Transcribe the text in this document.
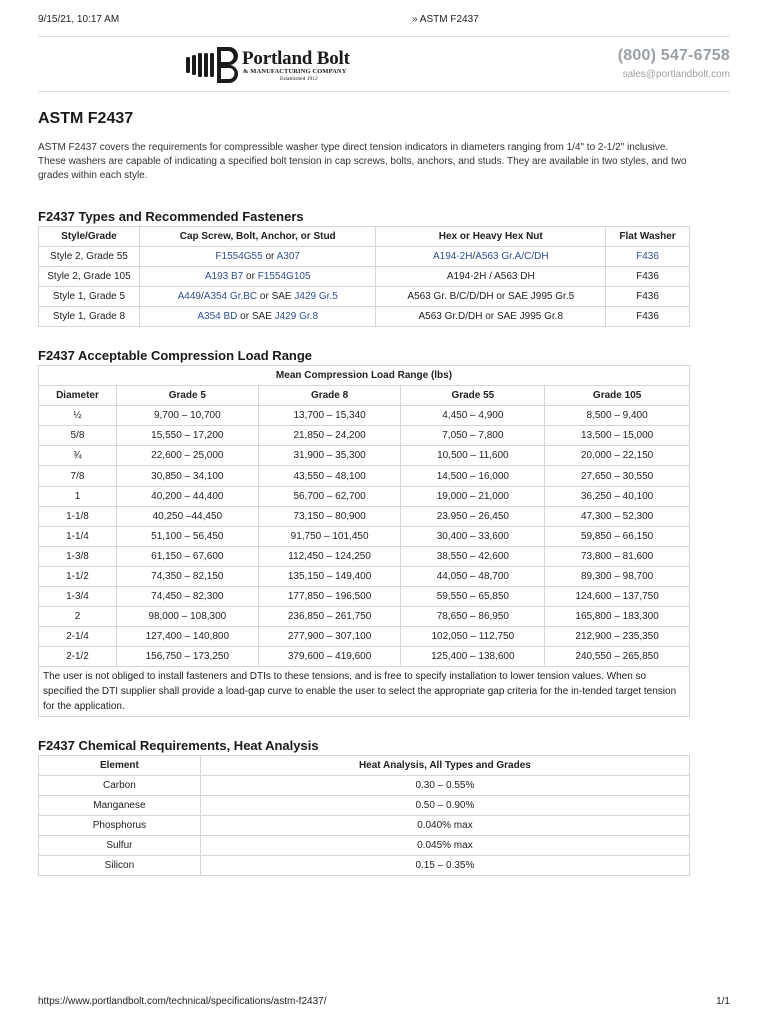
9/15/21, 10:17 AM	» ASTM F2437
Portland Bolt
& MANUFACTURING COMPANY
Established 1912
(800) 547-6758
sales@portlandbolt.com
ASTM F2437

ASTM F2437 covers the requirements for compressible washer type direct tension indicators in diameters ranging from 1/4" to 2-1/2" inclusive. These washers are capable of indicating a specified bolt tension in cap screws, bolts, anchors, and studs. They are available in two styles, and two grades within each style.

F2437 Types and Recommended Fasteners
Style/Grade	Cap Screw, Bolt, Anchor, or Stud	Hex or Heavy Hex Nut	Flat Washer
Style 2, Grade 55	F1554G55 or A307	A194-2H/A563 Gr.A/C/DH	F436
Style 2, Grade 105	A193 B7 or F1554G105	A194-2H / A563 DH	F436
Style 1, Grade 5	A449/A354 Gr.BC or SAE J429 Gr.5	A563 Gr. B/C/D/DH or SAE J995 Gr.5	F436
Style 1, Grade 8	A354 BD or SAE J429 Gr.8	A563 Gr.D/DH or SAE J995 Gr.8	F436
F2437 Acceptable Compression Load Range
Mean Compression Load Range (lbs)				
Diameter	Grade 5	Grade 8	Grade 55	Grade 105
½	9,700 – 10,700	13,700 – 15,340	4,450 – 4,900	8,500 – 9,400
5/8	15,550 – 17,200	21,850 – 24,200	7,050 – 7,800	13,500 – 15,000
¾	22,600 – 25,000	31,900 – 35,300	10,500 – 11,600	20,000 – 22,150
7/8	30,850 – 34,100	43,550 – 48,100	14,500 – 16,000	27,650 – 30,550
1	40,200 – 44,400	56,700 – 62,700	19,000 – 21,000	36,250 – 40,100
1-1/8	40,250 –44,450	73,150 – 80,900	23.950 – 26,450	47,300 – 52,300
1-1/4	51,100 – 56,450	91,750 – 101,450	30,400 – 33,600	59,850 – 66,150
1-3/8	61,150 – 67,600	112,450 – 124,250	38,550 – 42,600	73,800 – 81,600
1-1/2	74,350 – 82,150	135,150 – 149,400	44,050 – 48,700	89,300 – 98,700
1-3/4	74,450 – 82,300	177,850 – 196,500	59,550 – 65,850	124,600 – 137,750
2	98,000 – 108,300	236,850 – 261,750	78,650 – 86,950	165,800 – 183,300
2-1/4	127,400 – 140,800	277,900 – 307,100	102,050 – 112,750	212,900 – 235,350
2-1/2	156,750 – 173,250	379,600 – 419,600	125,400 – 138,600	240,550 – 265,850
The user is not obliged to install fasteners and DTIs to these tensions, and is free to specify installation to lower tension values. When so specified the DTI supplier shall provide a load-gap curve to enable the user to select the appropriate gap criteria for the in-tended target tension for the application.				
F2437 Chemical Requirements, Heat Analysis
Element	Heat Analysis, All Types and Grades
Carbon	0.30 – 0.55%
Manganese	0.50 – 0.90%
Phosphorus	0.040% max
Sulfur	0.045% max
Silicon	0.15 – 0.35%
https://www.portlandbolt.com/technical/specifications/astm-f2437/	1/1
